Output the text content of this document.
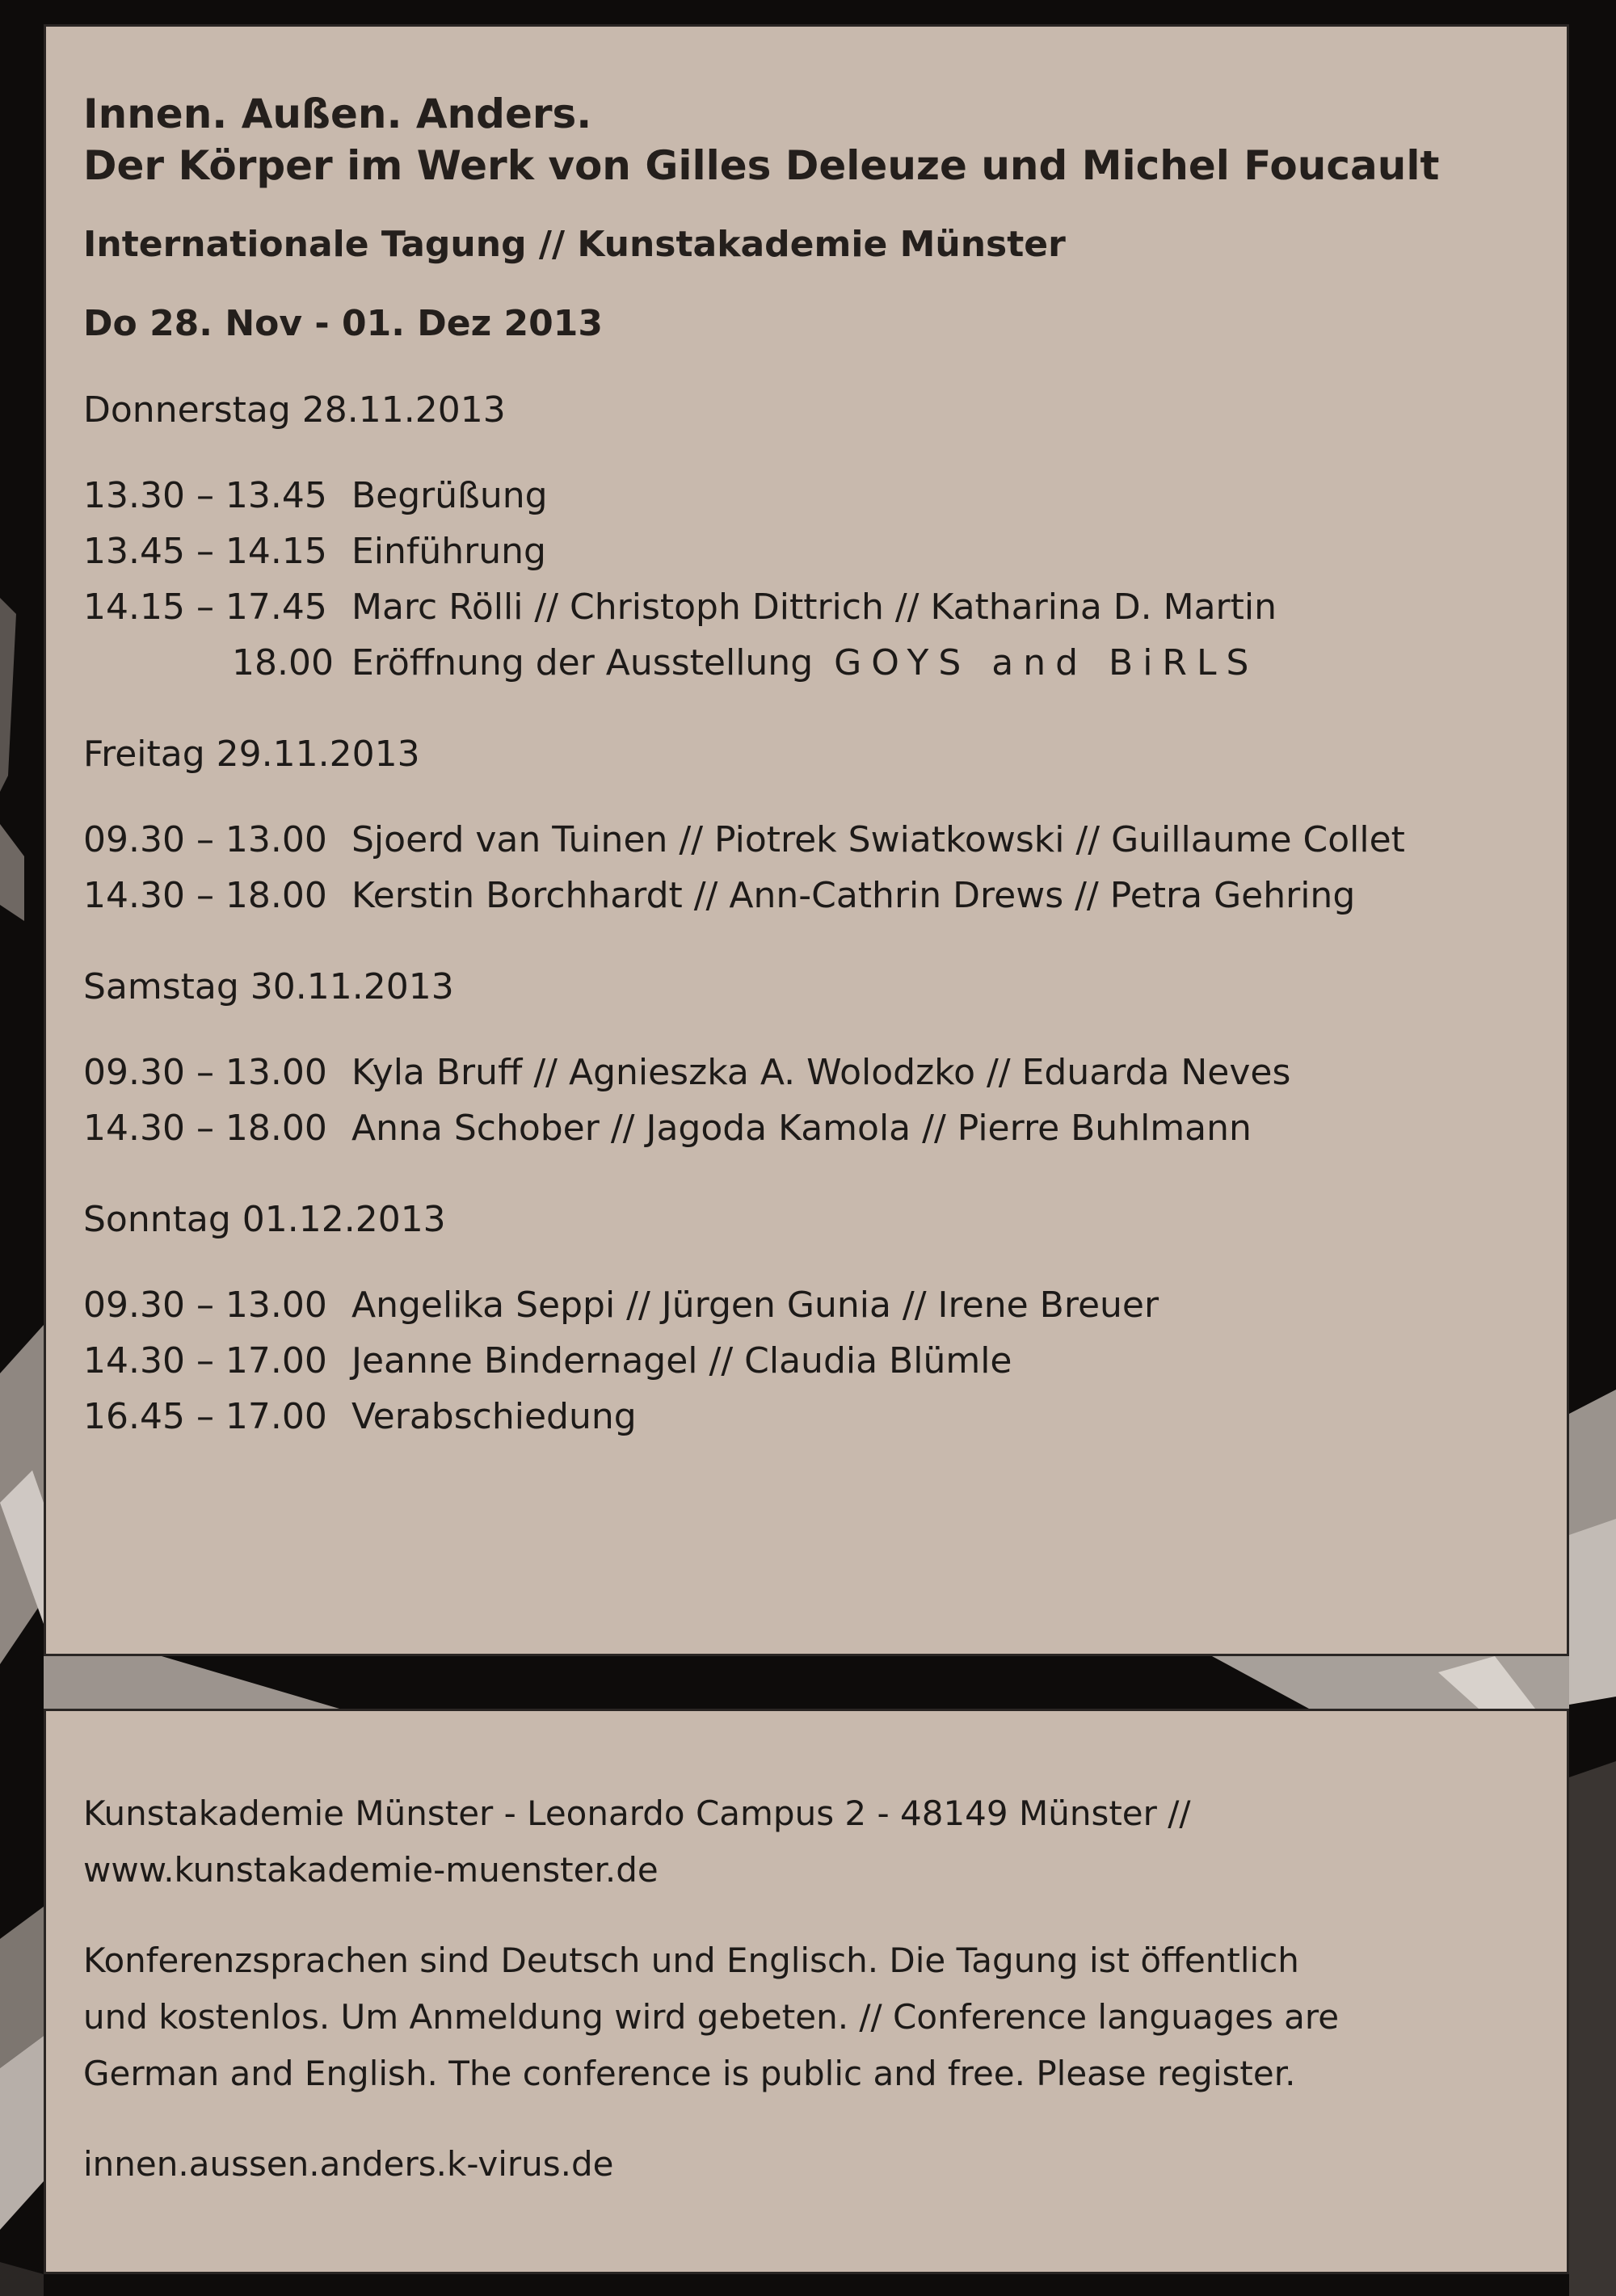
Innen. Außen. Anders.
Der Körper im Werk von Gilles Deleuze und Michel Foucault
Internationale Tagung // Kunstakademie Münster
Do 28. Nov - 01. Dez 2013
Donnerstag 28.11.2013
13.30 – 13.45 Begrüßung
13.45 – 14.15 Einführung
14.15 – 17.45 Marc Rölli // Christoph Dittrich // Katharina D. Martin
18.00 Eröffnung der Ausstellung GOYS and BiRLS
Freitag 29.11.2013
09.30 – 13.00 Sjoerd van Tuinen // Piotrek Swiatkowski // Guillaume Collet
14.30 – 18.00 Kerstin Borchhardt // Ann-Cathrin Drews // Petra Gehring
Samstag 30.11.2013
09.30 – 13.00 Kyla Bruff // Agnieszka A. Wolodzko // Eduarda Neves
14.30 – 18.00 Anna Schober // Jagoda Kamola // Pierre Buhlmann
Sonntag 01.12.2013
09.30 – 13.00 Angelika Seppi // Jürgen Gunia // Irene Breuer
14.30 – 17.00 Jeanne Bindernagel // Claudia Blümle
16.45 – 17.00 Verabschiedung
Kunstakademie Münster - Leonardo Campus 2 - 48149 Münster //
www.kunstakademie-muenster.de
Konferenzsprachen sind Deutsch und Englisch. Die Tagung ist öffentlich
und kostenlos. Um Anmeldung wird gebeten. // Conference languages are
German and English. The conference is public and free. Please register.
innen.aussen.anders.k-virus.de
